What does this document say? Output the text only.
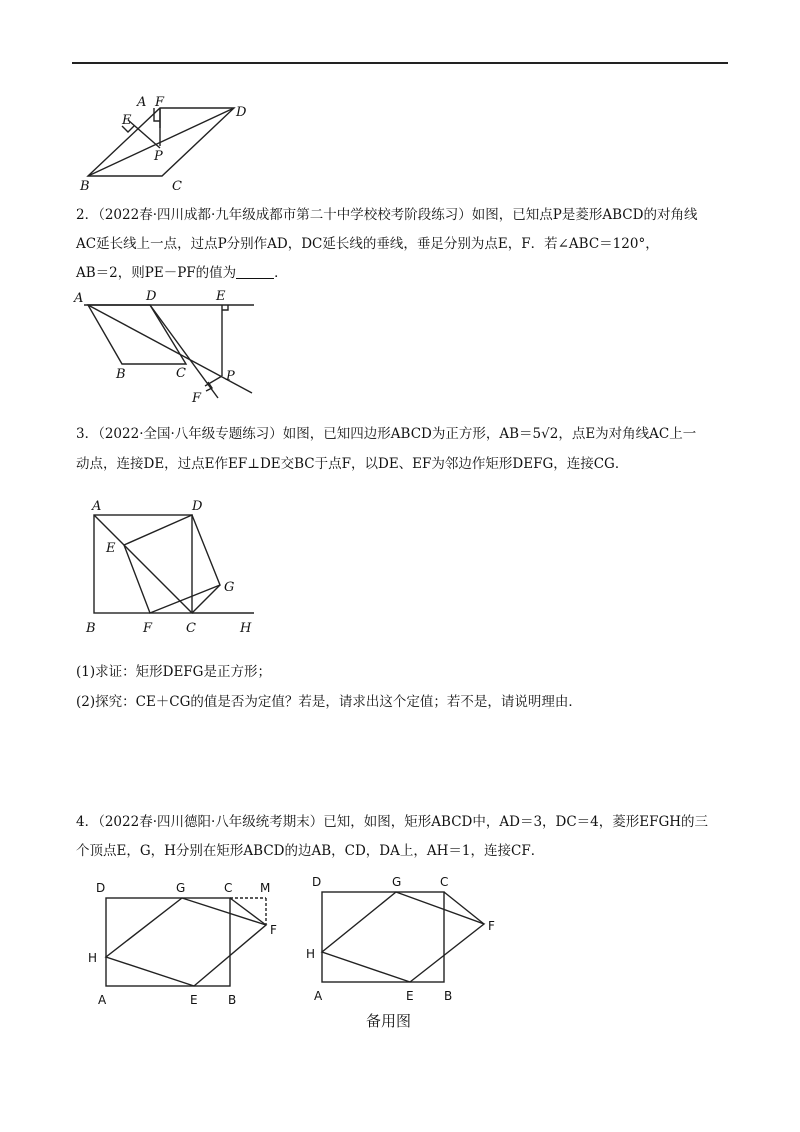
A F
D
E
P
B	C

2．（2022春·四川成都·九年级成都市第二十中学校校考阶段练习）如图，已知点P是菱形ABCD的对角线

AC延长线上一点，过点P分别作AD，DC延长线的垂线，垂足分别为点E，F．若∠ABC＝120°，

AB＝2，则PE－PF的值为	．

A	D	E
B	C	P
F

3．（2022·全国·八年级专题练习）如图，已知四边形ABCD为正方形，AB＝5√2，点E为对角线AC上一

动点，连接DE，过点E作EF⊥DE交BC于点F，以DE、EF为邻边作矩形DEFG，连接CG．

A	D
E
G
B	F	C	H

(1)求证：矩形DEFG是正方形；

(2)探究：CE＋CG的值是否为定值？若是，请求出这个定值；若不是，请说明理由．

4．（2022春·四川德阳·八年级统考期末）已知，如图，矩形ABCD中，AD＝3，DC＝4，菱形EFGH的三

个顶点E，G，H分别在矩形ABCD的边AB，CD，DA上，AH＝1，连接CF．

D	G	C M
F
H
A	E	B
D	G	C
F
H
A	E	B
备用图
